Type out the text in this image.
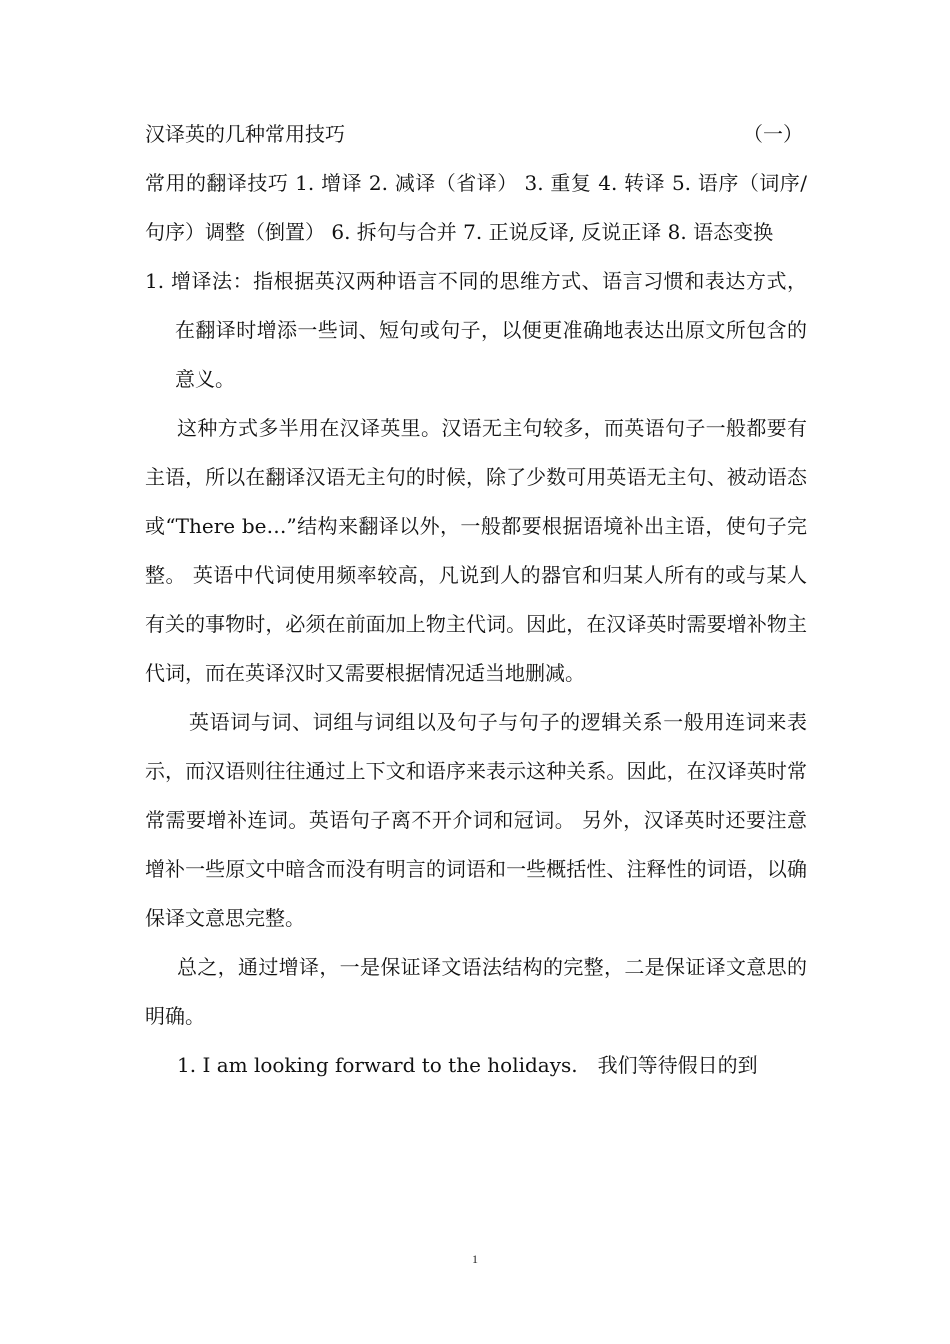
汉译英的几种常用技巧	（一）

常用的翻译技巧 1. 增译 2. 减译（省译） 3. 重复 4. 转译 5. 语序（词序/句序）调整（倒置） 6. 拆句与合并 7. 正说反译, 反说正译 8. 语态变换

1. 增译法：指根据英汉两种语言不同的思维方式、语言习惯和表达方式，在翻译时增添一些词、短句或句子，以便更准确地表达出原文所包含的意义。

这种方式多半用在汉译英里。汉语无主句较多，而英语句子一般都要有主语，所以在翻译汉语无主句的时候，除了少数可用英语无主句、被动语态或“There be…”结构来翻译以外，一般都要根据语境补出主语，使句子完整。 英语中代词使用频率较高，凡说到人的器官和归某人所有的或与某人有关的事物时，必须在前面加上物主代词。因此，在汉译英时需要增补物主代词，而在英译汉时又需要根据情况适当地删减。

英语词与词、词组与词组以及句子与句子的逻辑关系一般用连词来表示，而汉语则往往通过上下文和语序来表示这种关系。因此，在汉译英时常常需要增补连词。英语句子离不开介词和冠词。 另外，汉译英时还要注意增补一些原文中暗含而没有明言的词语和一些概括性、注释性的词语，以确保译文意思完整。

总之，通过增译，一是保证译文语法结构的完整，二是保证译文意思的明确。

1. I am looking forward to the holidays.　我们等待假日的到

1
